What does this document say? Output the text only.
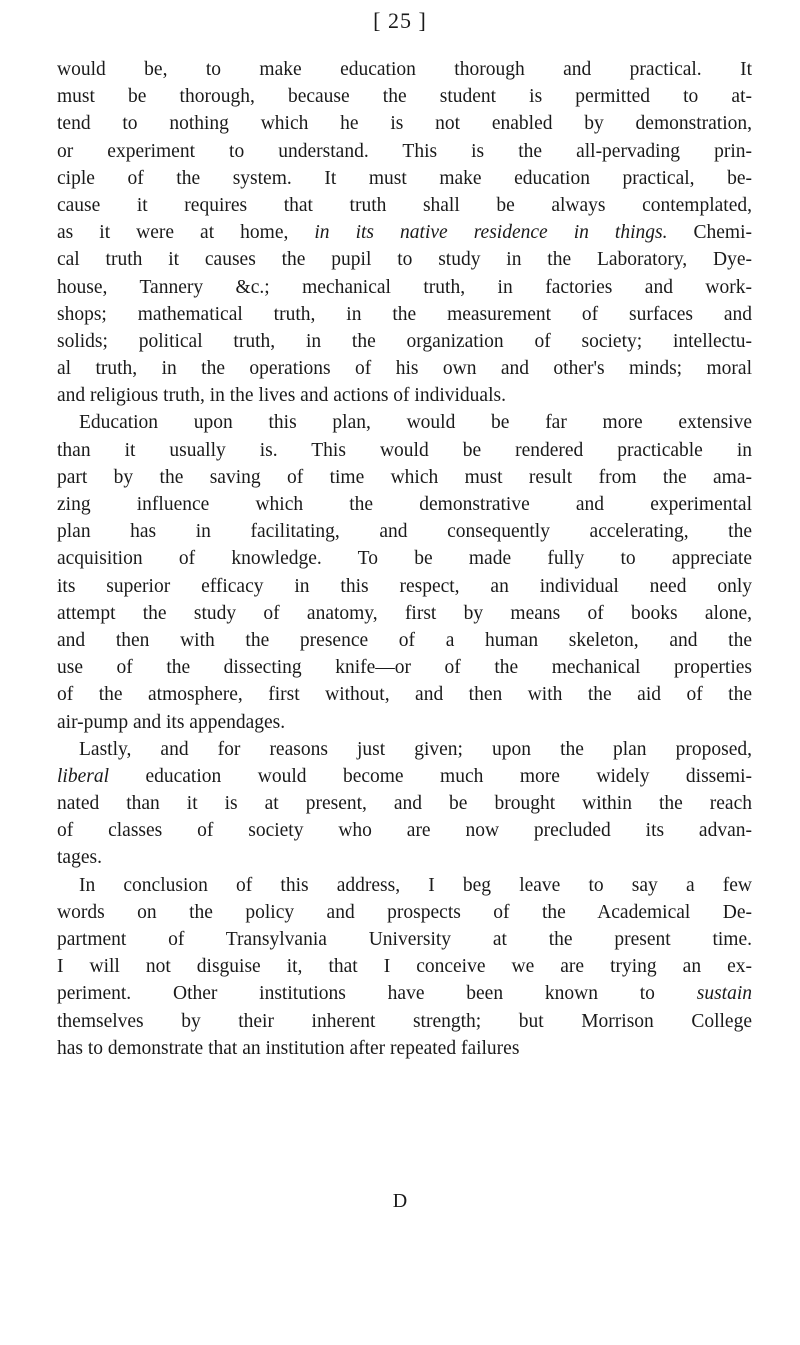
[ 25 ]
would be, to make education thorough and practical. It
must be thorough, because the student is permitted to at-
tend to nothing which he is not enabled by demonstration,
or experiment to understand. This is the all-pervading prin-
ciple of the system. It must make education practical, be-
cause it requires that truth shall be always contemplated,
as it were at home, in its native residence in things. Chemi-
cal truth it causes the pupil to study in the Laboratory, Dye-
house, Tannery &c.; mechanical truth, in factories and work-
shops; mathematical truth, in the measurement of surfaces and
solids; political truth, in the organization of society; intellectu-
al truth, in the operations of his own and other's minds; moral
and religious truth, in the lives and actions of individuals.
Education upon this plan, would be far more extensive
than it usually is. This would be rendered practicable in
part by the saving of time which must result from the ama-
zing influence which the demonstrative and experimental
plan has in facilitating, and consequently accelerating, the
acquisition of knowledge. To be made fully to appreciate
its superior efficacy in this respect, an individual need only
attempt the study of anatomy, first by means of books alone,
and then with the presence of a human skeleton, and the
use of the dissecting knife—or of the mechanical properties
of the atmosphere, first without, and then with the aid of the
air-pump and its appendages.
Lastly, and for reasons just given; upon the plan proposed,
liberal education would become much more widely dissemi-
nated than it is at present, and be brought within the reach
of classes of society who are now precluded its advan-
tages.
In conclusion of this address, I beg leave to say a few
words on the policy and prospects of the Academical De-
partment of Transylvania University at the present time.
I will not disguise it, that I conceive we are trying an ex-
periment. Other institutions have been known to sustain
themselves by their inherent strength; but Morrison College
has to demonstrate that an institution after repeated failures
D
